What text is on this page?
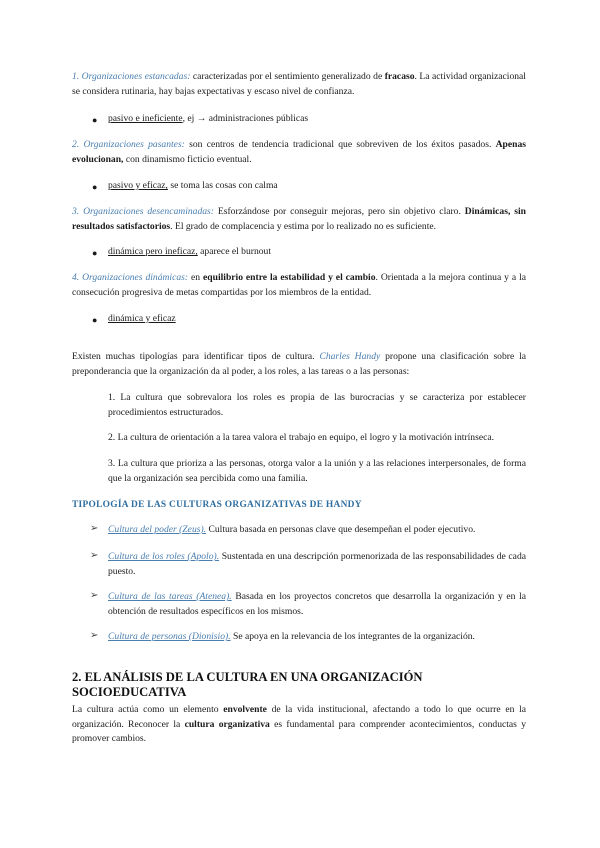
1. Organizaciones estancadas: caracterizadas por el sentimiento generalizado de fracaso. La actividad organizacional se considera rutinaria, hay bajas expectativas y escaso nivel de confianza.

● pasivo e ineficiente, ej → administraciones públicas

2. Organizaciones pasantes: son centros de tendencia tradicional que sobreviven de los éxitos pasados. Apenas evolucionan, con dinamismo ficticio eventual.

● pasivo y eficaz, se toma las cosas con calma

3. Organizaciones desencaminadas: Esforzándose por conseguir mejoras, pero sin objetivo claro. Dinámicas, sin resultados satisfactorios. El grado de complacencia y estima por lo realizado no es suficiente.

● dinámica pero ineficaz, aparece el burnout

4. Organizaciones dinámicas: en equilibrio entre la estabilidad y el cambio. Orientada a la mejora continua y a la consecución progresiva de metas compartidas por los miembros de la entidad.

● dinámica y eficaz

Existen muchas tipologías para identificar tipos de cultura. Charles Handy propone una clasificación sobre la preponderancia que la organización da al poder, a los roles, a las tareas o a las personas:

1. La cultura que sobrevalora los roles es propia de las burocracias y se caracteriza por establecer procedimientos estructurados.

2. La cultura de orientación a la tarea valora el trabajo en equipo, el logro y la motivación intrínseca.

3. La cultura que prioriza a las personas, otorga valor a la unión y a las relaciones interpersonales, de forma que la organización sea percibida como una familia.

TIPOLOGÍA DE LAS CULTURAS ORGANIZATIVAS DE HANDY
➢ Cultura del poder (Zeus). Cultura basada en personas clave que desempeñan el poder ejecutivo.

➢ Cultura de los roles (Apolo). Sustentada en una descripción pormenorizada de las responsabilidades de cada puesto.

➢ Cultura de las tareas (Atenea). Basada en los proyectos concretos que desarrolla la organización y en la obtención de resultados específicos en los mismos.

➢ Cultura de personas (Dionisio). Se apoya en la relevancia de los integrantes de la organización.

2. EL ANÁLISIS DE LA CULTURA EN UNA ORGANIZACIÓN SOCIOEDUCATIVA

La cultura actúa como un elemento envolvente de la vida institucional, afectando a todo lo que ocurre en la organización. Reconocer la cultura organizativa es fundamental para comprender acontecimientos, conductas y promover cambios.
